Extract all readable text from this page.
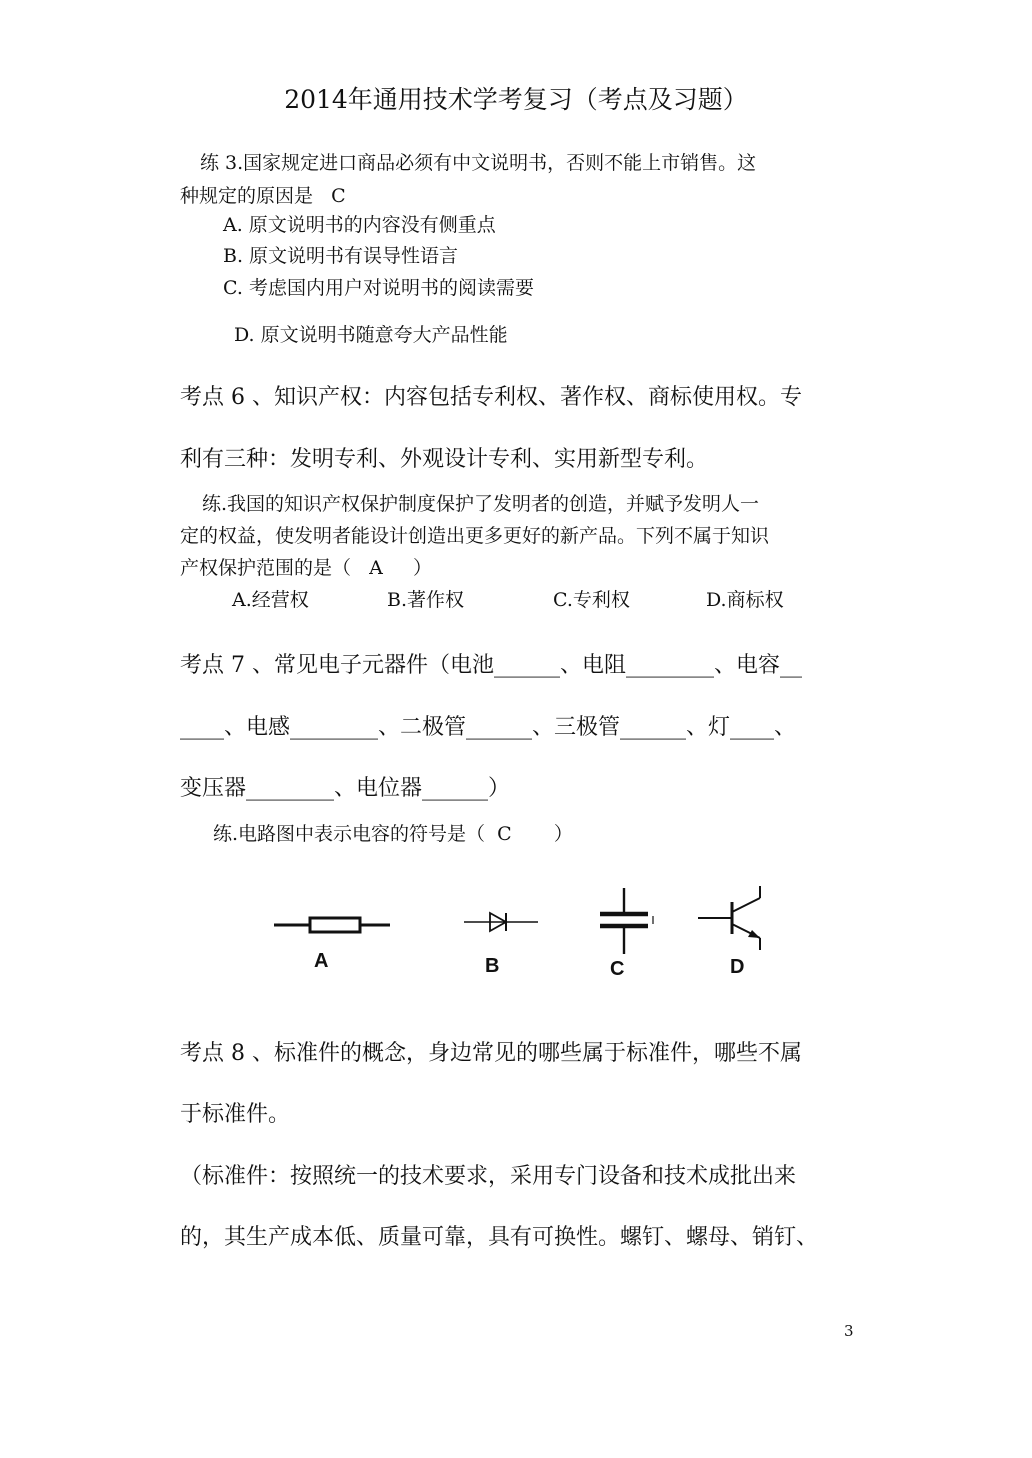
2014年通用技术学考复习（考点及习题）
练 3.国家规定进口商品必须有中文说明书，否则不能上市销售。这
种规定的原因是   C
A. 原文说明书的内容没有侧重点
B. 原文说明书有误导性语言
C. 考虑国内用户对说明书的阅读需要
D. 原文说明书随意夸大产品性能
考点 6 、知识产权：内容包括专利权、著作权、商标使用权。专
利有三种：发明专利、外观设计专利、实用新型专利。
练.我国的知识产权保护制度保护了发明者的创造，并赋予发明人一
定的权益，使发明者能设计创造出更多更好的新产品。下列不属于知识
产权保护范围的是（   A     ）
A.经营权	B.著作权	C.专利权	D.商标权
考点 7 、常见电子元器件（电池______、电阻________、电容__
____、电感________、二极管______、三极管______、灯____、
变压器________、电位器______）
练.电路图中表示电容的符号是（  C       ）
A	B	C	D
考点 8 、标准件的概念，身边常见的哪些属于标准件，哪些不属
于标准件。
（标准件：按照统一的技术要求，采用专门设备和技术成批出来
的，其生产成本低、质量可靠，具有可换性。螺钉、螺母、销钉、
3
